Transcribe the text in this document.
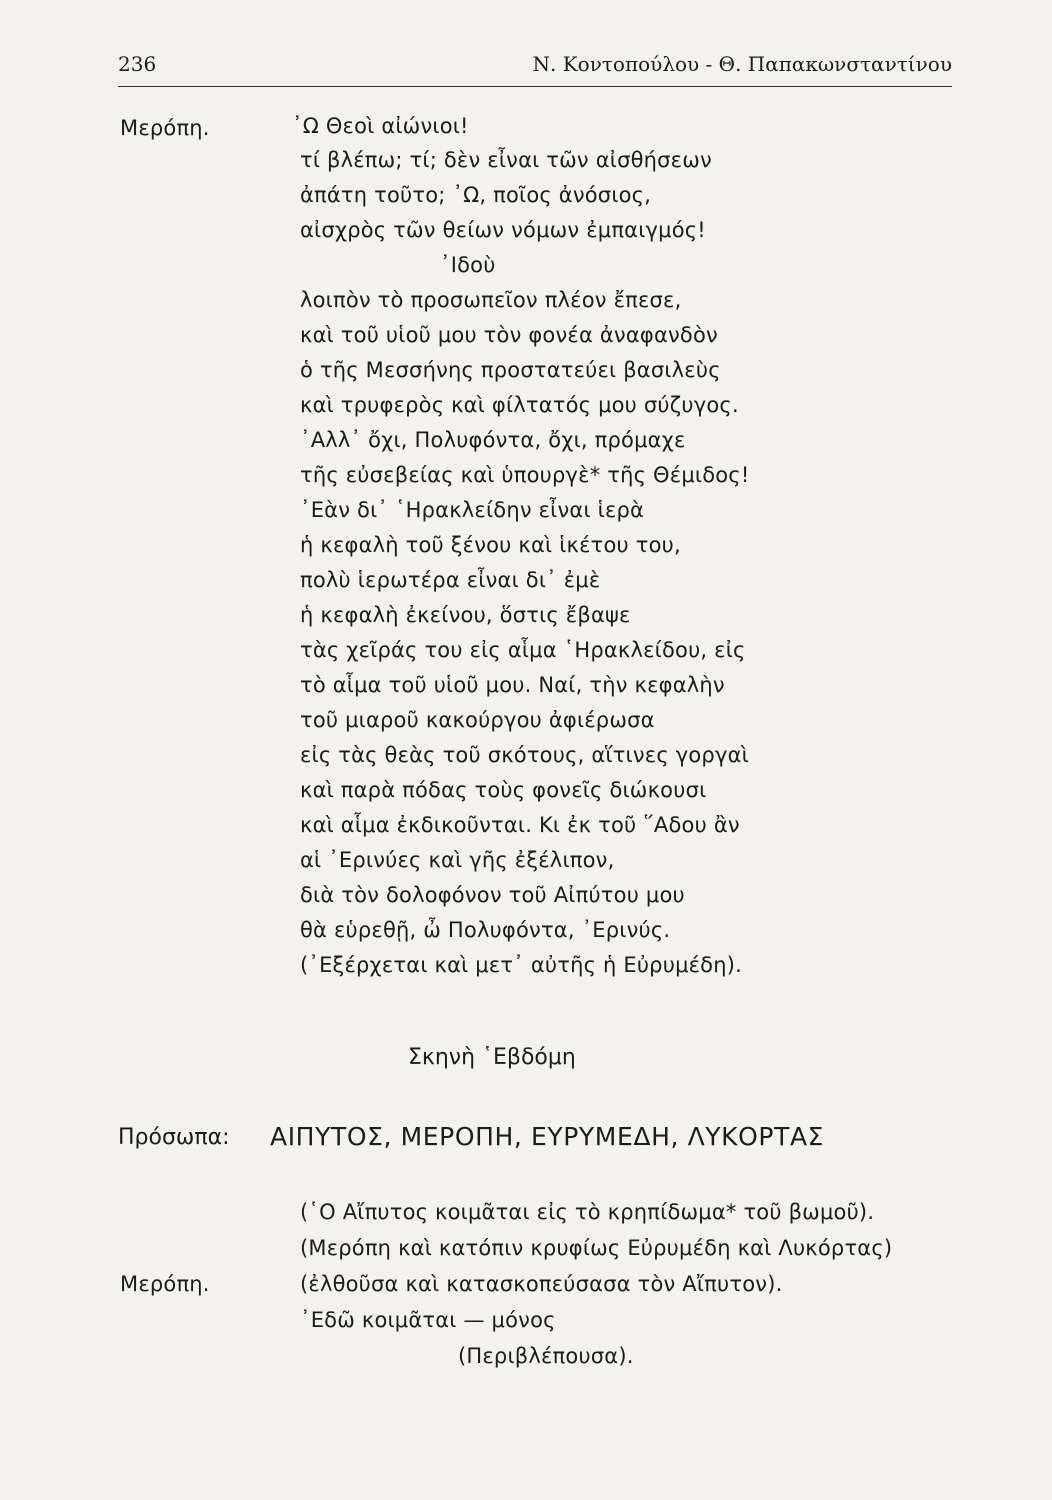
236	Ν. Κοντοπούλου - Θ. Παπακωνσταντίνου
Μερόπη.	᾿Ω Θεοὶ αἰώνιοι!
τί βλέπω; τί; δὲν εἶναι τῶν αἰσθήσεων
ἀπάτη τοῦτο; ᾿Ω, ποῖος ἀνόσιος,
αἰσχρὸς τῶν θείων νόμων ἐμπαιγμός!
᾿Ιδοὺ
λοιπὸν τὸ προσωπεῖον πλέον ἔπεσε,
καὶ τοῦ υἱοῦ μου τὸν φονέα ἀναφανδὸν
ὁ τῆς Μεσσήνης προστατεύει βασιλεὺς
καὶ τρυφερὸς καὶ φίλτατός μου σύζυγος.
᾿Αλλ᾿ ὄχι, Πολυφόντα, ὄχι, πρόμαχε
τῆς εὐσεβείας καὶ ὑπουργὲ* τῆς Θέμιδος!
᾿Εὰν δι᾿ ῾Ηρακλείδην εἶναι ἱερὰ
ἡ κεφαλὴ τοῦ ξένου καὶ ἱκέτου του,
πολὺ ἱερωτέρα εἶναι δι᾿ ἐμὲ
ἡ κεφαλὴ ἐκείνου, ὅστις ἔβαψε
τὰς χεῖράς του εἰς αἷμα ῾Ηρακλείδου, εἰς
τὸ αἷμα τοῦ υἱοῦ μου. Ναί, τὴν κεφαλὴν
τοῦ μιαροῦ κακούργου ἀφιέρωσα
εἰς τὰς θεὰς τοῦ σκότους, αἵτινες γοργαὶ
καὶ παρὰ πόδας τοὺς φονεῖς διώκουσι
καὶ αἷμα ἐκδικοῦνται. Κι ἐκ τοῦ ῞Αδου ἂν
αἱ ᾿Ερινύες καὶ γῆς ἐξέλιπον,
διὰ τὸν δολοφόνον τοῦ Αἰπύτου μου
θὰ εὑρεθῇ, ὦ Πολυφόντα, ᾿Ερινύς.
(᾿Εξέρχεται καὶ μετ᾿ αὐτῆς ἡ Εὐρυμέδη).
Σκηνὴ ῾Εβδόμη
Πρόσωπα: ΑΙΠΥΤΟΣ, ΜΕΡΟΠΗ, ΕΥΡΥΜΕΔΗ, ΛΥΚΟΡΤΑΣ
(῾Ο Αἴπυτος κοιμᾶται εἰς τὸ κρηπίδωμα* τοῦ βωμοῦ).
(Μερόπη καὶ κατόπιν κρυφίως Εὐρυμέδη καὶ Λυκόρτας)
Μερόπη.	(ἐλθοῦσα καὶ κατασκοπεύσασα τὸν Αἴπυτον).
᾿Εδῶ κοιμᾶται — μόνος
(Περιβλέπουσα).
